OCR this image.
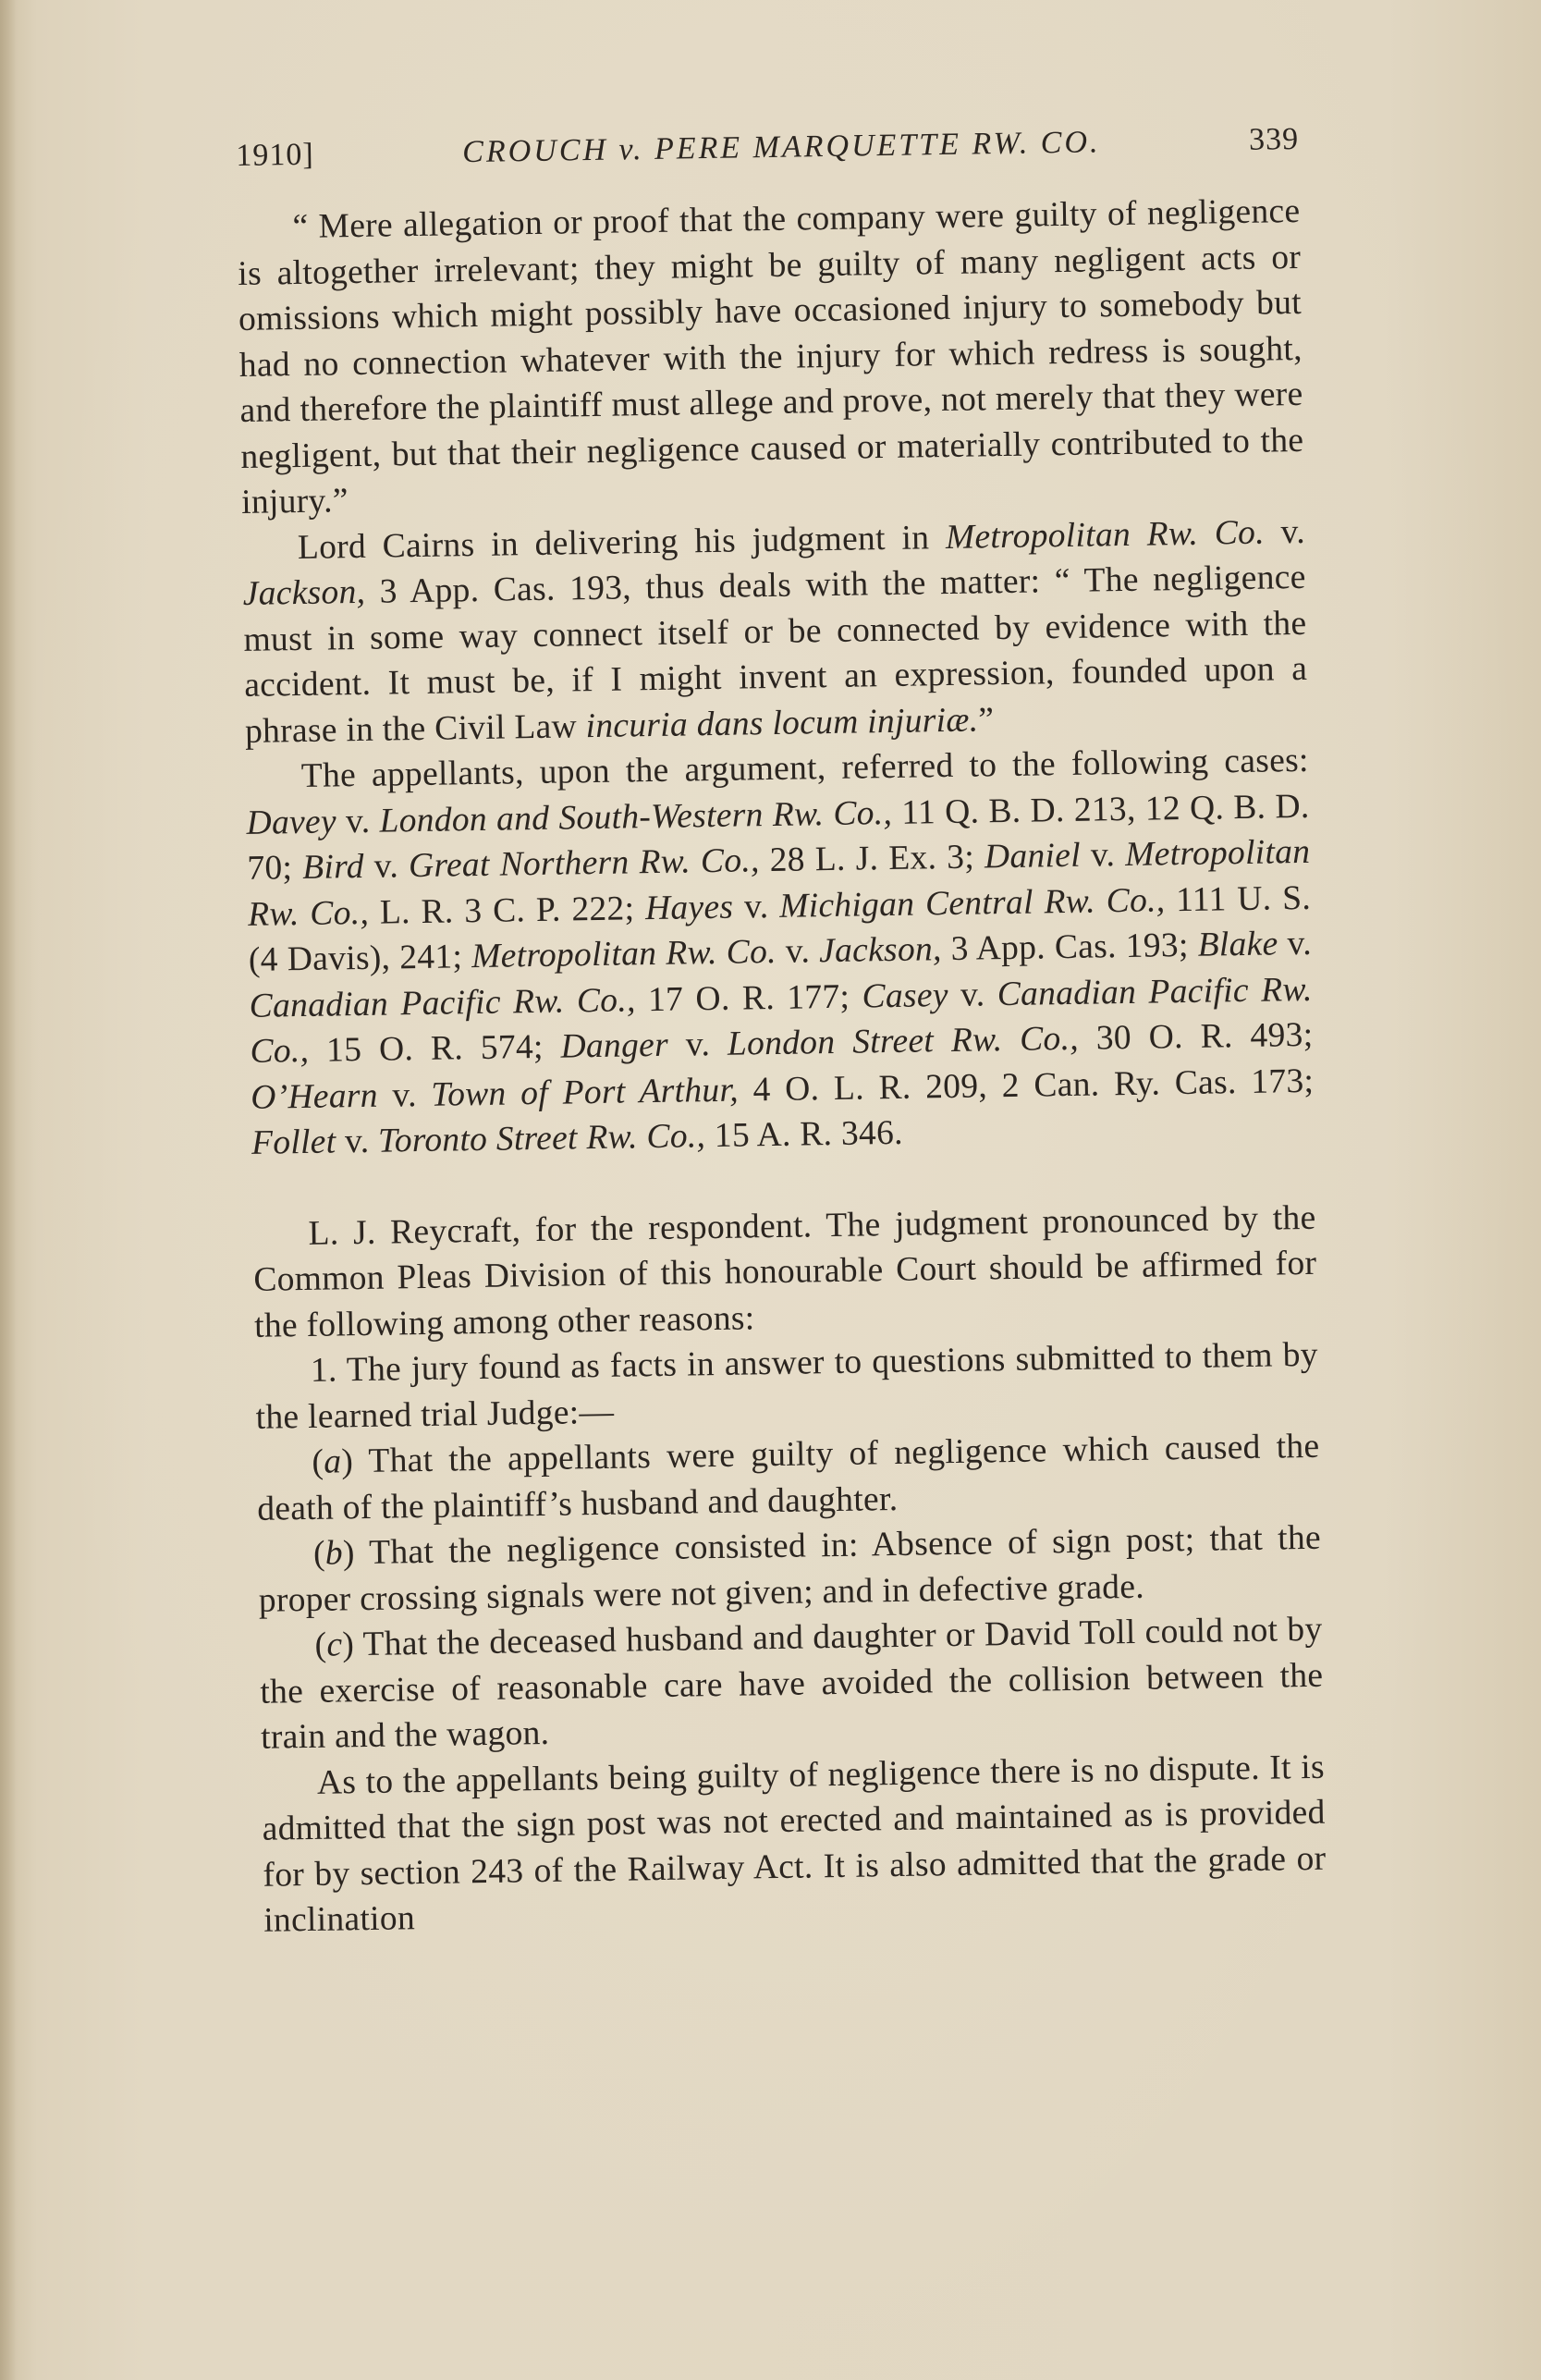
1910]	CROUCH v. PERE MARQUETTE RW. CO.	339

“ Mere allegation or proof that the company were guilty of negligence is altogether irrelevant; they might be guilty of many negligent acts or omissions which might possibly have occasioned injury to somebody but had no connection whatever with the injury for which redress is sought, and therefore the plaintiff must allege and prove, not merely that they were negligent, but that their negligence caused or materially contributed to the injury.”

Lord Cairns in delivering his judgment in Metropolitan Rw. Co. v. Jackson, 3 App. Cas. 193, thus deals with the matter: “ The negligence must in some way connect itself or be connected by evidence with the accident. It must be, if I might invent an expression, founded upon a phrase in the Civil Law incuria dans locum injuriæ.”

The appellants, upon the argument, referred to the following cases: Davey v. London and South-Western Rw. Co., 11 Q. B. D. 213, 12 Q. B. D. 70; Bird v. Great Northern Rw. Co., 28 L. J. Ex. 3; Daniel v. Metropolitan Rw. Co., L. R. 3 C. P. 222; Hayes v. Michigan Central Rw. Co., 111 U. S. (4 Davis), 241; Metropolitan Rw. Co. v. Jackson, 3 App. Cas. 193; Blake v. Canadian Pacific Rw. Co., 17 O. R. 177; Casey v. Canadian Pacific Rw. Co., 15 O. R. 574; Danger v. London Street Rw. Co., 30 O. R. 493; O’Hearn v. Town of Port Arthur, 4 O. L. R. 209, 2 Can. Ry. Cas. 173; Follet v. Toronto Street Rw. Co., 15 A. R. 346.

L. J. Reycraft, for the respondent. The judgment pronounced by the Common Pleas Division of this honourable Court should be affirmed for the following among other reasons:

1. The jury found as facts in answer to questions submitted to them by the learned trial Judge:—

(a) That the appellants were guilty of negligence which caused the death of the plaintiff’s husband and daughter.

(b) That the negligence consisted in: Absence of sign post; that the proper crossing signals were not given; and in defective grade.

(c) That the deceased husband and daughter or David Toll could not by the exercise of reasonable care have avoided the collision between the train and the wagon.

As to the appellants being guilty of negligence there is no dispute. It is admitted that the sign post was not erected and maintained as is provided for by section 243 of the Railway Act. It is also admitted that the grade or inclination
